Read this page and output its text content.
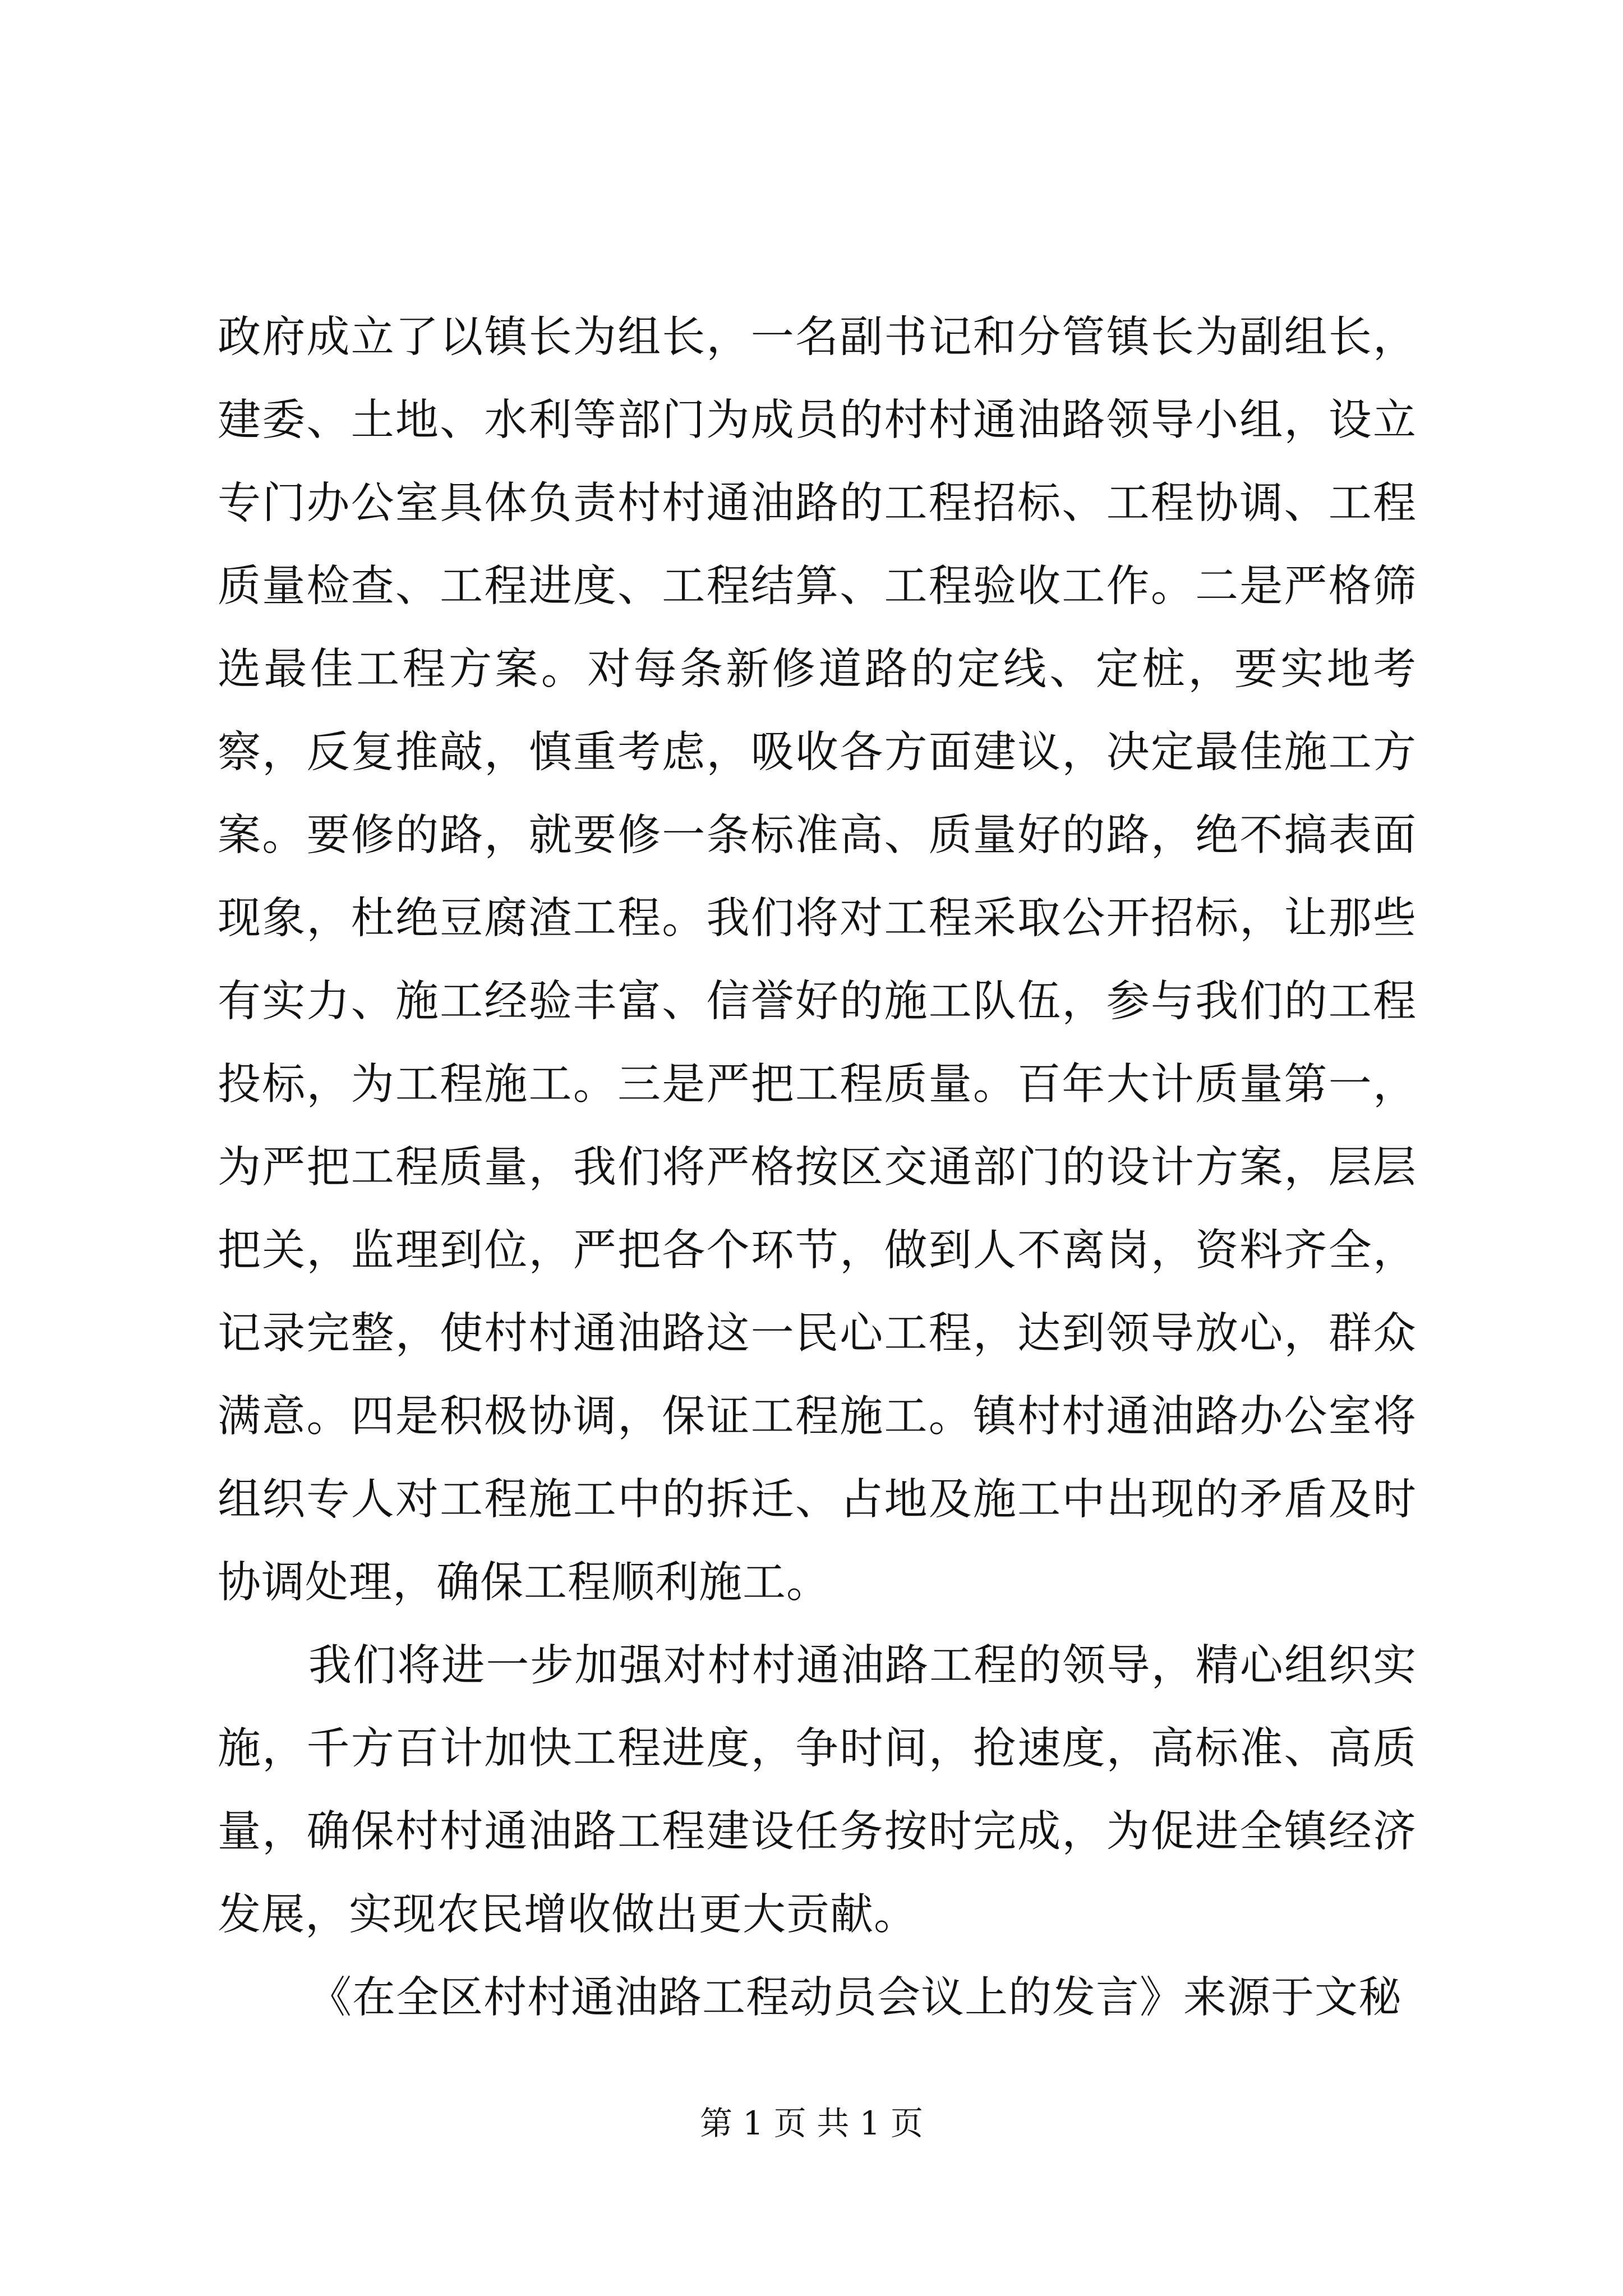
政府成立了以镇长为组长，一名副书记和分管镇长为副组长，建委、土地、水利等部门为成员的村村通油路领导小组，设立专门办公室具体负责村村通油路的工程招标、工程协调、工程质量检查、工程进度、工程结算、工程验收工作。二是严格筛选最佳工程方案。对每条新修道路的定线、定桩，要实地考察，反复推敲，慎重考虑，吸收各方面建议，决定最佳施工方案。要修的路，就要修一条标准高、质量好的路，绝不搞表面现象，杜绝豆腐渣工程。我们将对工程采取公开招标，让那些有实力、施工经验丰富、信誉好的施工队伍，参与我们的工程投标，为工程施工。三是严把工程质量。百年大计质量第一，为严把工程质量，我们将严格按区交通部门的设计方案，层层把关，监理到位，严把各个环节，做到人不离岗，资料齐全，记录完整，使村村通油路这一民心工程，达到领导放心，群众满意。四是积极协调，保证工程施工。镇村村通油路办公室将组织专人对工程施工中的拆迁、占地及施工中出现的矛盾及时协调处理，确保工程顺利施工。

我们将进一步加强对村村通油路工程的领导，精心组织实施，千方百计加快工程进度，争时间，抢速度，高标准、高质量，确保村村通油路工程建设任务按时完成，为促进全镇经济发展，实现农民增收做出更大贡献。

《在全区村村通油路工程动员会议上的发言》来源于文秘

第 1 页 共 1 页
